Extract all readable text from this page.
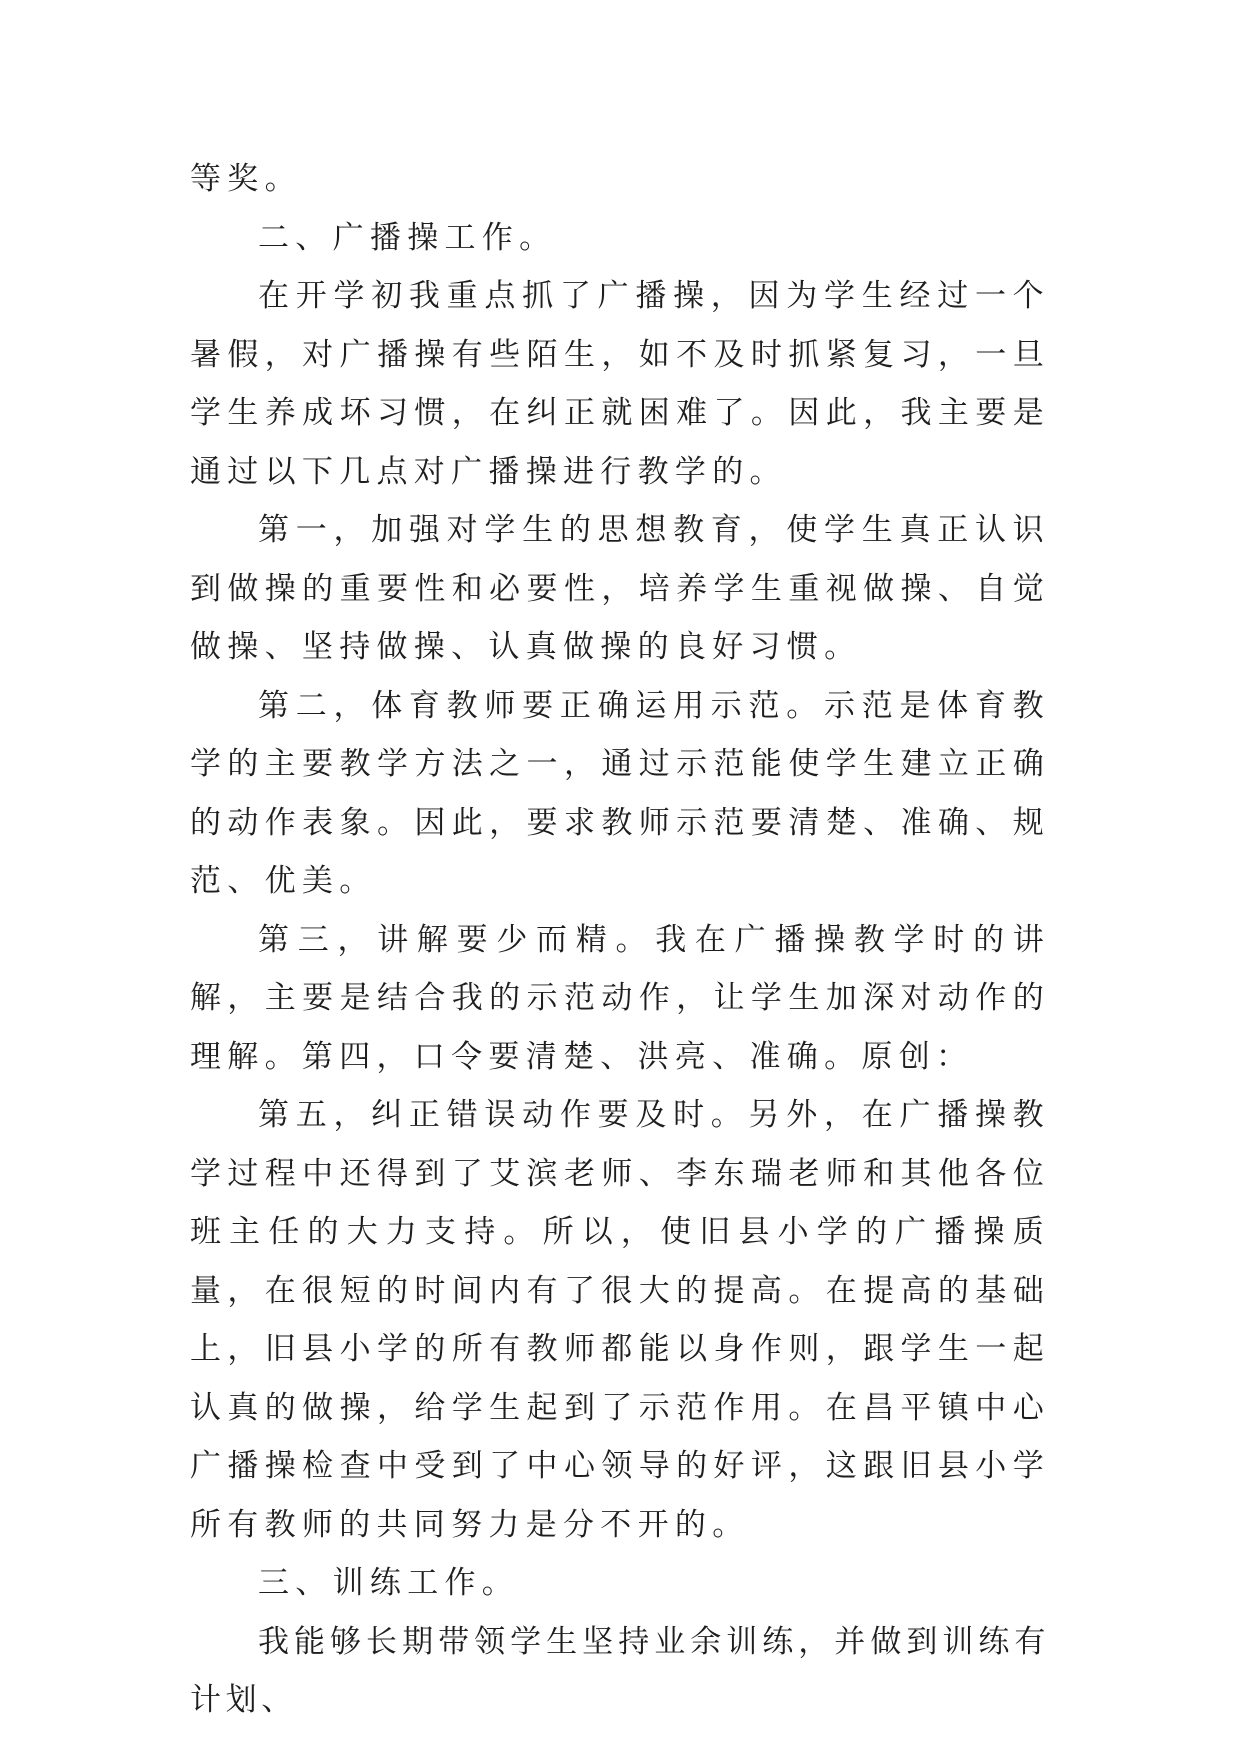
等奖。

二、广播操工作。

在开学初我重点抓了广播操，因为学生经过一个暑假，对广播操有些陌生，如不及时抓紧复习，一旦学生养成坏习惯，在纠正就困难了。因此，我主要是通过以下几点对广播操进行教学的。

第一，加强对学生的思想教育，使学生真正认识到做操的重要性和必要性，培养学生重视做操、自觉做操、坚持做操、认真做操的良好习惯。

第二，体育教师要正确运用示范。示范是体育教学的主要教学方法之一，通过示范能使学生建立正确的动作表象。因此，要求教师示范要清楚、准确、规范、优美。

第三，讲解要少而精。我在广播操教学时的讲解，主要是结合我的示范动作，让学生加深对动作的理解。第四，口令要清楚、洪亮、准确。原创：

第五，纠正错误动作要及时。另外，在广播操教学过程中还得到了艾滨老师、李东瑞老师和其他各位班主任的大力支持。所以，使旧县小学的广播操质量，在很短的时间内有了很大的提高。在提高的基础上，旧县小学的所有教师都能以身作则，跟学生一起认真的做操，给学生起到了示范作用。在昌平镇中心广播操检查中受到了中心领导的好评，这跟旧县小学所有教师的共同努力是分不开的。

三、训练工作。

我能够长期带领学生坚持业余训练，并做到训练有计划、
